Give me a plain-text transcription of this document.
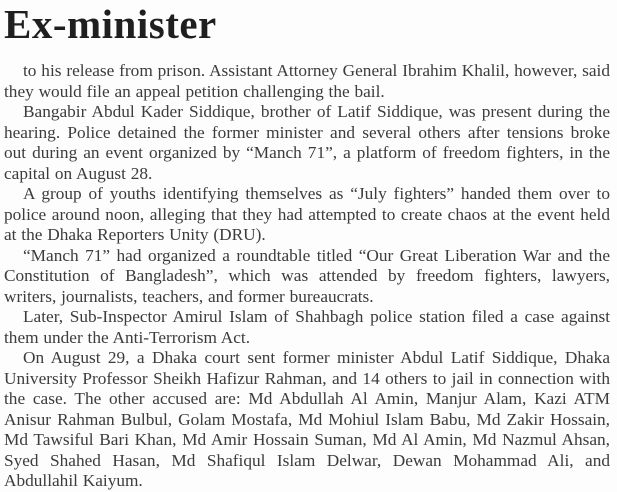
Ex-minister

to his release from prison. Assistant Attorney General Ibrahim Khalil, however, said they would file an appeal petition challenging the bail.

Bangabir Abdul Kader Siddique, brother of Latif Siddique, was present during the hearing. Police detained the former minister and several others after tensions broke out during an event organized by “Manch 71”, a platform of freedom fighters, in the capital on August 28.

A group of youths identifying themselves as “July fighters” handed them over to police around noon, alleging that they had attempted to create chaos at the event held at the Dhaka Reporters Unity (DRU).

“Manch 71” had organized a roundtable titled “Our Great Liberation War and the Constitution of Bangladesh”, which was attended by freedom fighters, lawyers, writers, journalists, teachers, and former bureaucrats.

Later, Sub-Inspector Amirul Islam of Shahbagh police station filed a case against them under the Anti-Terrorism Act.

On August 29, a Dhaka court sent former minister Abdul Latif Siddique, Dhaka University Professor Sheikh Hafizur Rahman, and 14 others to jail in connection with the case. The other accused are: Md Abdullah Al Amin, Manjur Alam, Kazi ATM Anisur Rahman Bulbul, Golam Mostafa, Md Mohiul Islam Babu, Md Zakir Hossain, Md Tawsiful Bari Khan, Md Amir Hossain Suman, Md Al Amin, Md Nazmul Ahsan, Syed Shahed Hasan, Md Shafiqul Islam Delwar, Dewan Mohammad Ali, and Abdullahil Kaiyum.
